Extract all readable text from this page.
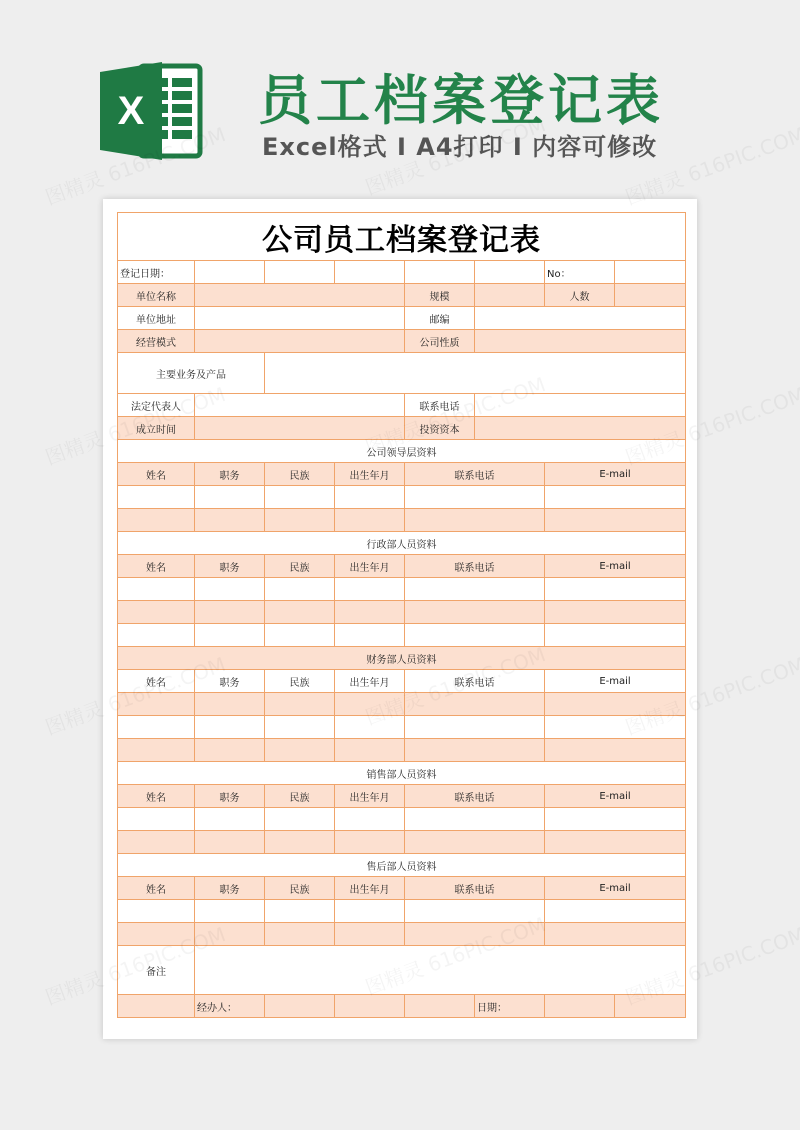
X 员工档案登记表
Excel格式 I A4打印 I 内容可修改
公司员工档案登记表							
登记日期：						No：	
单位名称				规模		人数	
单位地址				邮编			
经营模式				公司性质			
主要业务及产品							
法定代表人				联系电话			
成立时间				投资资本			
公司领导层资料							
姓名	职务	民族	出生年月	联系电话		E-mail	

行政部人员资料							
姓名	职务	民族	出生年月	联系电话		E-mail	

财务部人员资料							
姓名	职务	民族	出生年月	联系电话		E-mail	

销售部人员资料							
姓名	职务	民族	出生年月	联系电话		E-mail	

售后部人员资料							
姓名	职务	民族	出生年月	联系电话		E-mail	

备注							
	经办人：				日期：		
